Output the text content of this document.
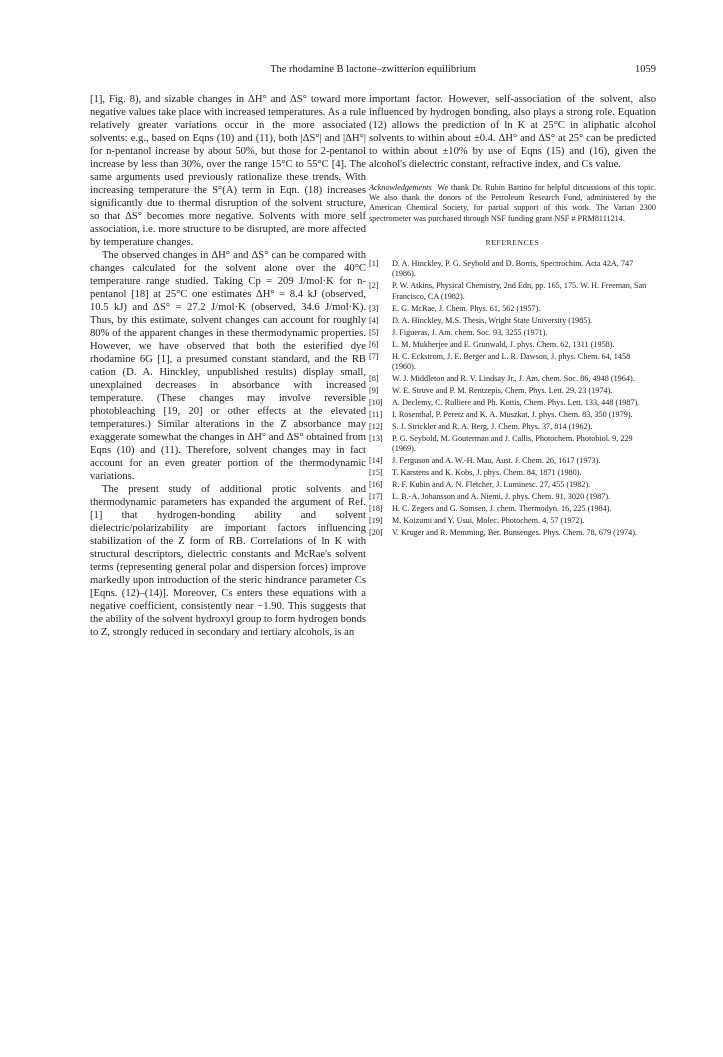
The rhodamine B lactone–zwitterion equilibrium	1059

[1], Fig. 8), and sizable changes in ΔH° and ΔS° toward more negative values take place with increased temperatures. As a rule relatively greater variations occur in the more associated solvents: e.g., based on Eqns (10) and (11), both |ΔS°| and |ΔH°| for n-pentanol increase by about 50%, but those for 2-pentanol increase by less than 30%, over the range 15°C to 55°C [4]. The same arguments used previously rationalize these trends. With increasing temperature the S°(A) term in Eqn. (18) increases significantly due to thermal disruption of the solvent structure, so that ΔS° becomes more negative. Solvents with more self association, i.e. more structure to be disrupted, are more affected by temperature changes.

The observed changes in ΔH° and ΔS° can be compared with changes calculated for the solvent alone over the 40°C temperature range studied. Taking Cp = 209 J/mol·K for n-pentanol [18] at 25°C one estimates ΔH° = 8.4 kJ (observed, 10.5 kJ) and ΔS° = 27.2 J/mol·K (observed, 34.6 J/mol·K). Thus, by this estimate, solvent changes can account for roughly 80% of the apparent changes in these thermodynamic properties. However, we have observed that both the esterified dye rhodamine 6G [1], a presumed constant standard, and the RB cation (D. A. Hinckley, unpublished results) display small, unexplained decreases in absorbance with increased temperature. (These changes may involve reversible photobleaching [19, 20] or other effects at the elevated temperatures.) Similar alterations in the Z absorbance may exaggerate somewhat the changes in ΔH° and ΔS° obtained from Eqns (10) and (11). Therefore, solvent changes may in fact account for an even greater portion of the thermodynamic variations.

The present study of additional protic solvents and thermodynamic parameters has expanded the argument of Ref. [1] that hydrogen-bonding ability and solvent dielectric/polarizability are important factors influencing stabilization of the Z form of RB. Correlations of ln K with structural descriptors, dielectric constants and McRae's solvent terms (representing general polar and dispersion forces) improve markedly upon introduction of the steric hindrance parameter Cs [Eqns. (12)–(14)]. Moreover, Cs enters these equations with a negative coefficient, consistently near −1.90. This suggests that the ability of the solvent hydroxyl group to form hydrogen bonds to Z, strongly reduced in secondary and tertiary alcohols, is an

important factor. However, self-association of the solvent, also influenced by hydrogen bonding, also plays a strong role. Equation (12) allows the prediction of ln K at 25°C in aliphatic alcohol solvents to within about ±0.4. ΔH° and ΔS° at 25° can be predicted to within about ±10% by use of Eqns (15) and (16), given the alcohol's dielectric constant, refractive index, and Cs value.

Acknowledgements We thank Dr. Rubin Battino for helpful discussions of this topic. We also thank the donors of the Petroleum Research Fund, administered by the American Chemical Society, for partial support of this work. The Varian 2300 spectrometer was purchased through NSF funding grant NSF # PRM8111214.
REFERENCES
[1]	D. A. Hinckley, P. G. Seybold and D. Borris, Spectrochim. Acta 42A, 747 (1986).
[2]	P. W. Atkins, Physical Chemistry, 2nd Edn, pp. 165, 175. W. H. Freeman, San Francisco, CA (1982).
[3]	E. G. McRae, J. Chem. Phys. 61, 562 (1957).
[4]	D. A. Hinckley, M.S. Thesis, Wright State University (1985).
[5]	J. Figueras, J. Am. chem. Soc. 93, 3255 (1971).
[6]	L. M. Mukherjee and E. Grunwald, J. phys. Chem. 62, 1311 (1958).
[7]	H. C. Eckstrom, J. E. Berger and L. R. Dawson, J. phys. Chem. 64, 1458 (1960).
[8]	W. J. Middleton and R. V. Lindsay Jr., J. Am. chem. Soc. 86, 4948 (1964).
[9]	W. E. Struve and P. M. Rentzepis, Chem. Phys. Lett. 29, 23 (1974).
[10]	A. Declemy, C. Rulliere and Ph. Kottis, Chem. Phys. Lett. 133, 448 (1987).
[11]	I. Rosenthal, P. Peretz and K. A. Muszkat, J. phys. Chem. 83, 350 (1979).
[12]	S. J. Strickler and R. A. Berg, J. Chem. Phys. 37, 814 (1962).
[13]	P. G. Seybold, M. Gouterman and J. Callis, Photochem. Photobiol. 9, 229 (1969).
[14]	J. Ferguson and A. W.-H. Mau, Aust. J. Chem. 26, 1617 (1973).
[15]	T. Karstens and K. Kobs, J. phys. Chem. 84, 1871 (1980).
[16]	R. F. Kubin and A. N. Fletcher, J. Luminesc. 27, 455 (1982).
[17]	L. B.-A. Johansson and A. Niemi, J. phys. Chem. 91, 3020 (1987).
[18]	H. C. Zegers and G. Somsen, J. chem. Thermodyn. 16, 225 (1984).
[19]	M. Koizumi and Y. Usui, Molec. Photochem. 4, 57 (1972).
[20]	V. Kruger and R. Memming, Ber. Bunsenges. Phys. Chem. 78, 679 (1974).
